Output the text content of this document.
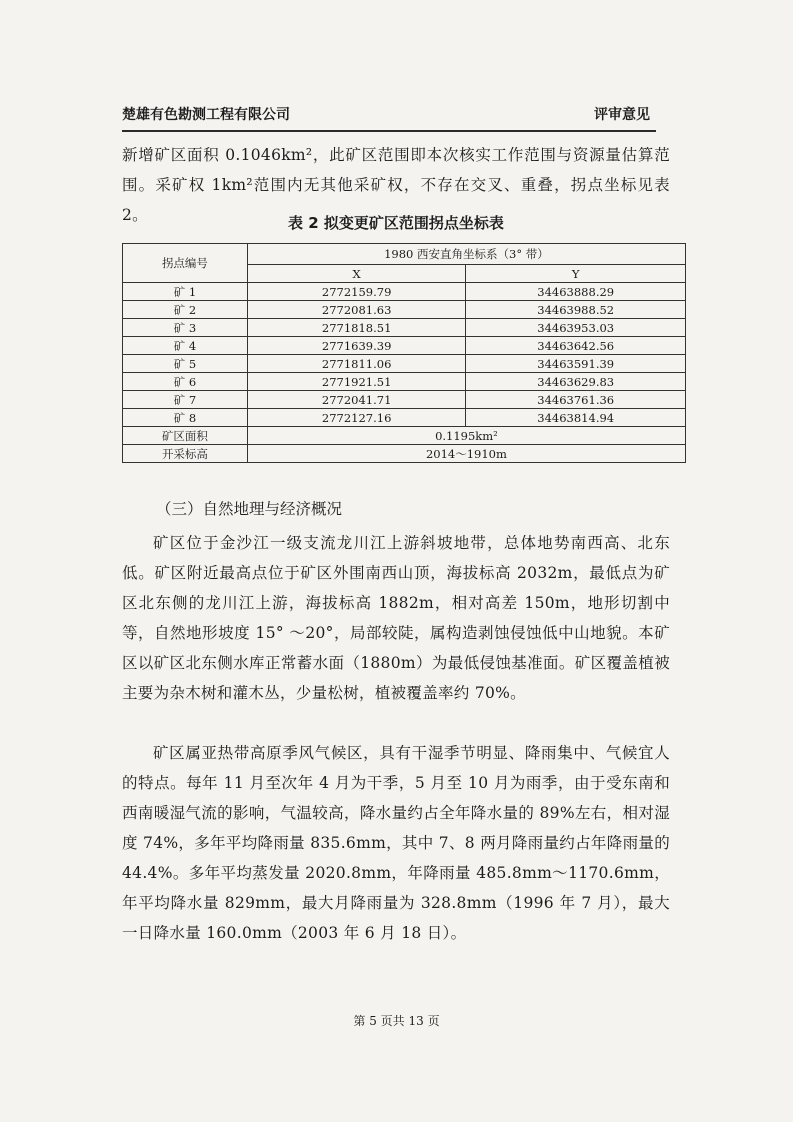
楚雄有色勘测工程有限公司	评审意见

新增矿区面积 0.1046km²，此矿区范围即本次核实工作范围与资源量估算范围。采矿权 1km²范围内无其他采矿权，不存在交叉、重叠，拐点坐标见表 2。	表 2 拟变更矿区范围拐点坐标表
拐点编号	1980 西安直角坐标系（3° 带）	
	X	Y
矿 1	2772159.79	34463888.29
矿 2	2772081.63	34463988.52
矿 3	2771818.51	34463953.03
矿 4	2771639.39	34463642.56
矿 5	2771811.06	34463591.39
矿 6	2771921.51	34463629.83
矿 7	2772041.71	34463761.36
矿 8	2772127.16	34463814.94
矿区面积	0.1195km²	
开采标高	2014～1910m	
（三）自然地理与经济概况

矿区位于金沙江一级支流龙川江上游斜坡地带，总体地势南西高、北东低。矿区附近最高点位于矿区外围南西山顶，海拔标高 2032m，最低点为矿区北东侧的龙川江上游，海拔标高 1882m，相对高差 150m，地形切割中等，自然地形坡度 15° ～20°，局部较陡，属构造剥蚀侵蚀低中山地貌。本矿区以矿区北东侧水库正常蓄水面（1880m）为最低侵蚀基准面。矿区覆盖植被主要为杂木树和灌木丛，少量松树，植被覆盖率约 70%。

矿区属亚热带高原季风气候区，具有干湿季节明显、降雨集中、气候宜人的特点。每年 11 月至次年 4 月为干季，5 月至 10 月为雨季，由于受东南和西南暖湿气流的影响，气温较高，降水量约占全年降水量的 89%左右，相对湿度 74%，多年平均降雨量 835.6mm，其中 7、8 两月降雨量约占年降雨量的 44.4%。多年平均蒸发量 2020.8mm，年降雨量 485.8mm～1170.6mm，年平均降水量 829mm，最大月降雨量为 328.8mm（1996 年 7 月），最大一日降水量 160.0mm（2003 年 6 月 18 日）。

第 5 页共 13 页
